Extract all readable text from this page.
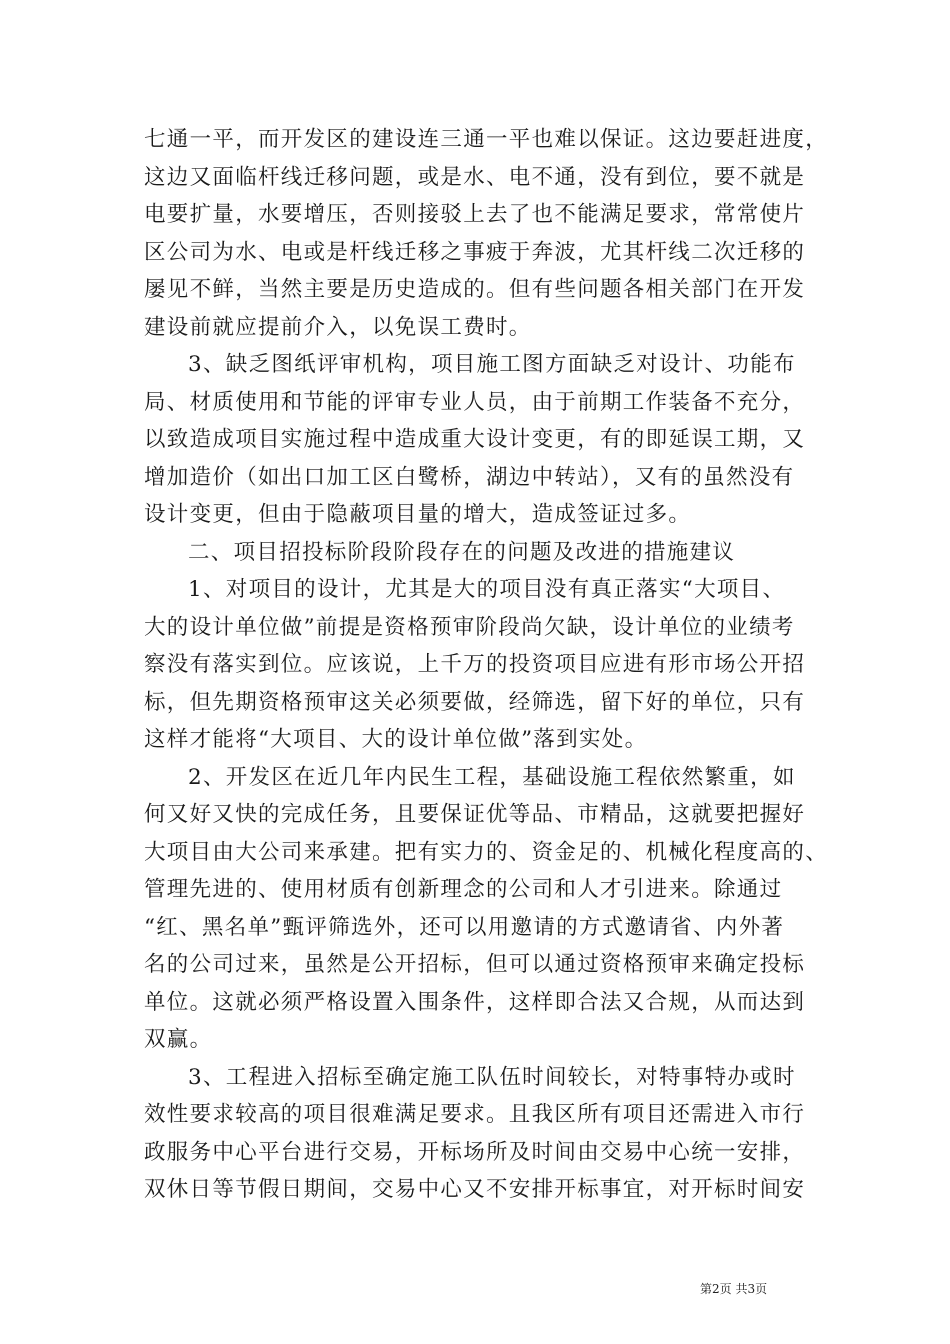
七通一平，而开发区的建设连三通一平也难以保证。这边要赶进度，
这边又面临杆线迁移问题，或是水、电不通，没有到位，要不就是
电要扩量，水要增压，否则接驳上去了也不能满足要求，常常使片
区公司为水、电或是杆线迁移之事疲于奔波，尤其杆线二次迁移的
屡见不鲜，当然主要是历史造成的。但有些问题各相关部门在开发
建设前就应提前介入，以免误工费时。
3、缺乏图纸评审机构，项目施工图方面缺乏对设计、功能布
局、材质使用和节能的评审专业人员，由于前期工作装备不充分，
以致造成项目实施过程中造成重大设计变更，有的即延误工期，又
增加造价（如出口加工区白鹭桥，湖边中转站），又有的虽然没有
设计变更，但由于隐蔽项目量的增大，造成签证过多。
二、项目招投标阶段阶段存在的问题及改进的措施建议
1、对项目的设计，尤其是大的项目没有真正落实“大项目、
大的设计单位做”前提是资格预审阶段尚欠缺，设计单位的业绩考
察没有落实到位。应该说，上千万的投资项目应进有形市场公开招
标，但先期资格预审这关必须要做，经筛选，留下好的单位，只有
这样才能将“大项目、大的设计单位做”落到实处。
2、开发区在近几年内民生工程，基础设施工程依然繁重，如
何又好又快的完成任务，且要保证优等品、市精品，这就要把握好
大项目由大公司来承建。把有实力的、资金足的、机械化程度高的、
管理先进的、使用材质有创新理念的公司和人才引进来。除通过
“红、黑名单”甄评筛选外，还可以用邀请的方式邀请省、内外著
名的公司过来，虽然是公开招标，但可以通过资格预审来确定投标
单位。这就必须严格设置入围条件，这样即合法又合规，从而达到
双赢。
3、工程进入招标至确定施工队伍时间较长，对特事特办或时
效性要求较高的项目很难满足要求。且我区所有项目还需进入市行
政服务中心平台进行交易，开标场所及时间由交易中心统一安排，
双休日等节假日期间，交易中心又不安排开标事宜，对开标时间安
第2页 共3页
